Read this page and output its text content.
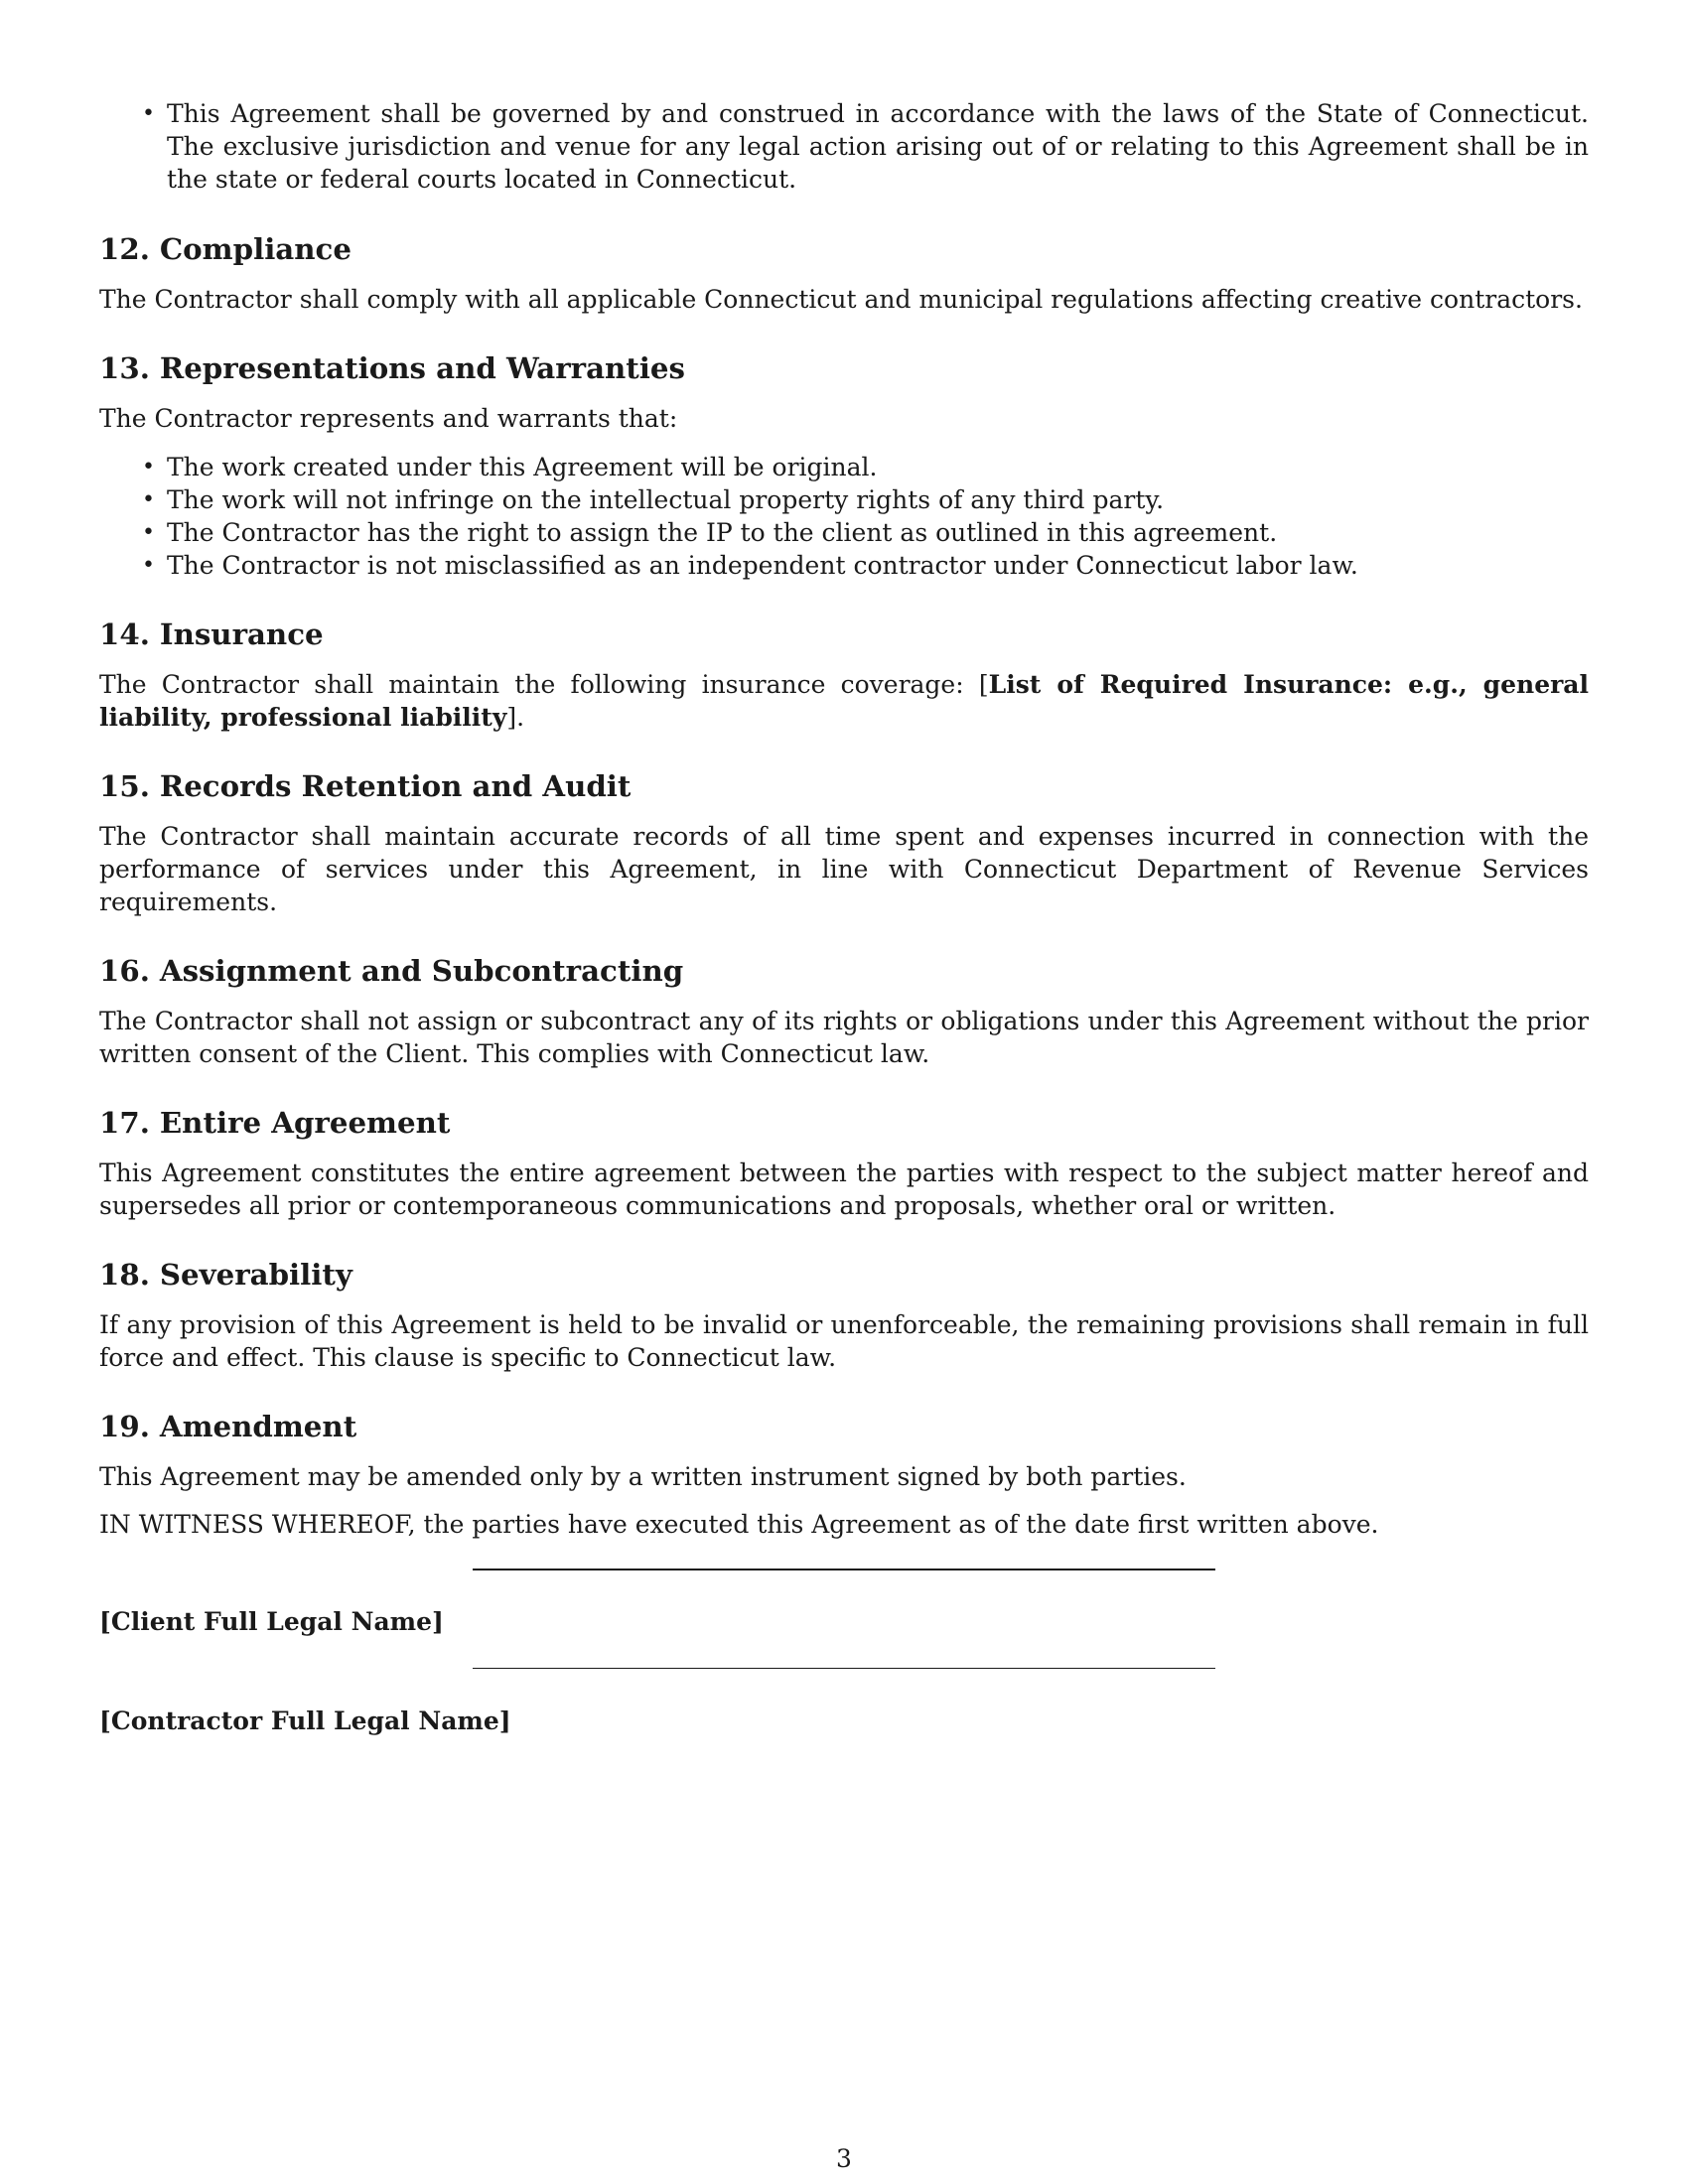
• This Agreement shall be governed by and construed in accordance with the laws of the State of Connecticut. The exclusive jurisdiction and venue for any legal action arising out of or relating to this Agreement shall be in the state or federal courts located in Connecticut.
12. Compliance

The Contractor shall comply with all applicable Connecticut and municipal regulations affecting creative contractors.

13. Representations and Warranties

The Contractor represents and warrants that:

• The work created under this Agreement will be original.
• The work will not infringe on the intellectual property rights of any third party.
• The Contractor has the right to assign the IP to the client as outlined in this agreement.
• The Contractor is not misclassified as an independent contractor under Connecticut labor law.
14. Insurance

The Contractor shall maintain the following insurance coverage: [List of Required Insurance: e.g., general liability, professional liability].

15. Records Retention and Audit

The Contractor shall maintain accurate records of all time spent and expenses incurred in connection with the performance of services under this Agreement, in line with Connecticut Department of Revenue Services requirements.

16. Assignment and Subcontracting

The Contractor shall not assign or subcontract any of its rights or obligations under this Agreement without the prior written consent of the Client. This complies with Connecticut law.

17. Entire Agreement

This Agreement constitutes the entire agreement between the parties with respect to the subject matter hereof and supersedes all prior or contemporaneous communications and proposals, whether oral or written.

18. Severability

If any provision of this Agreement is held to be invalid or unenforceable, the remaining provisions shall remain in full force and effect. This clause is specific to Connecticut law.

19. Amendment

This Agreement may be amended only by a written instrument signed by both parties.

IN WITNESS WHEREOF, the parties have executed this Agreement as of the date first written above.

[Client Full Legal Name]
[Contractor Full Legal Name]
3
